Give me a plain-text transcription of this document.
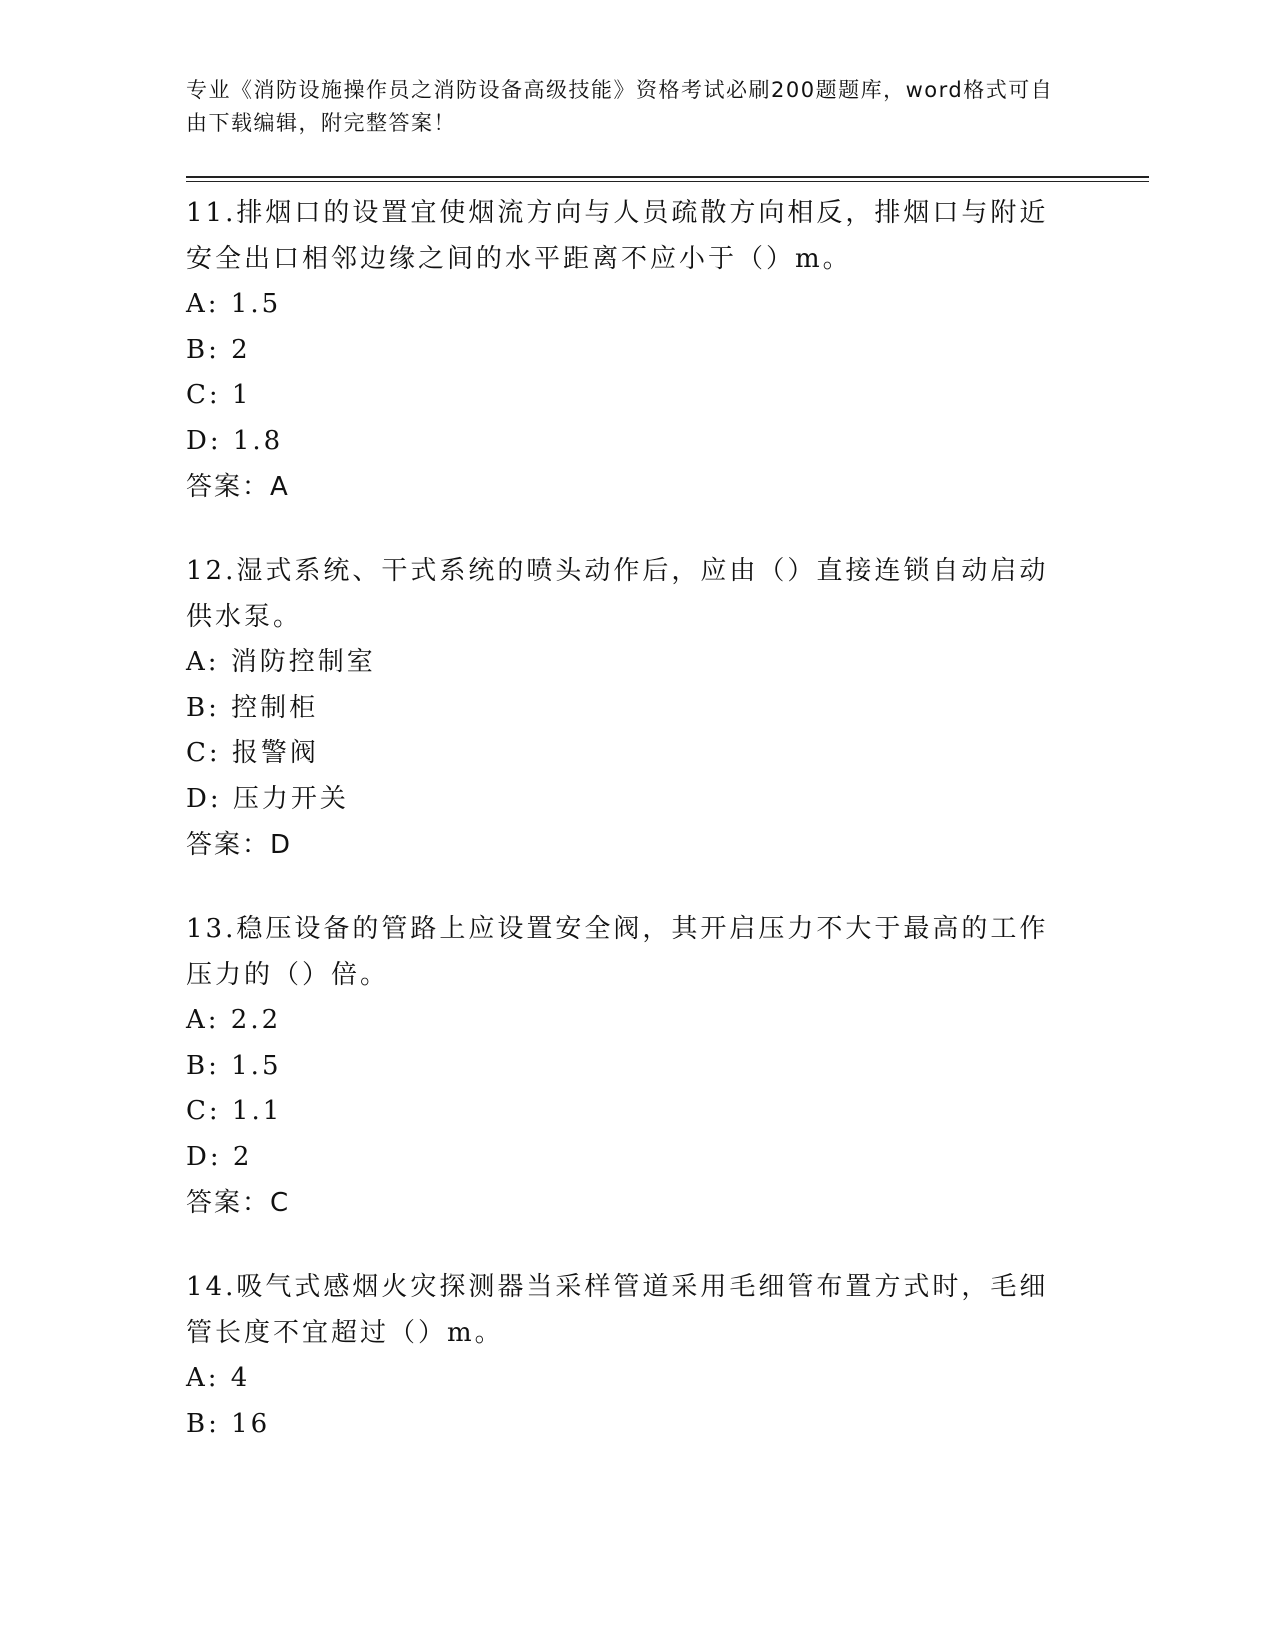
专业《消防设施操作员之消防设备高级技能》资格考试必刷200题题库，word格式可自由下载编辑，附完整答案！

11.排烟口的设置宜使烟流方向与人员疏散方向相反，排烟口与附近安全出口相邻边缘之间的水平距离不应小于（）m。

A: 1.5

B: 2

C: 1

D: 1.8

答案：A

12.湿式系统、干式系统的喷头动作后，应由（）直接连锁自动启动供水泵。

A: 消防控制室

B: 控制柜

C: 报警阀

D: 压力开关

答案：D

13.稳压设备的管路上应设置安全阀，其开启压力不大于最高的工作压力的（）倍。

A: 2.2

B: 1.5

C: 1.1

D: 2

答案：C

14.吸气式感烟火灾探测器当采样管道采用毛细管布置方式时，毛细管长度不宜超过（）m。

A: 4

B: 16
